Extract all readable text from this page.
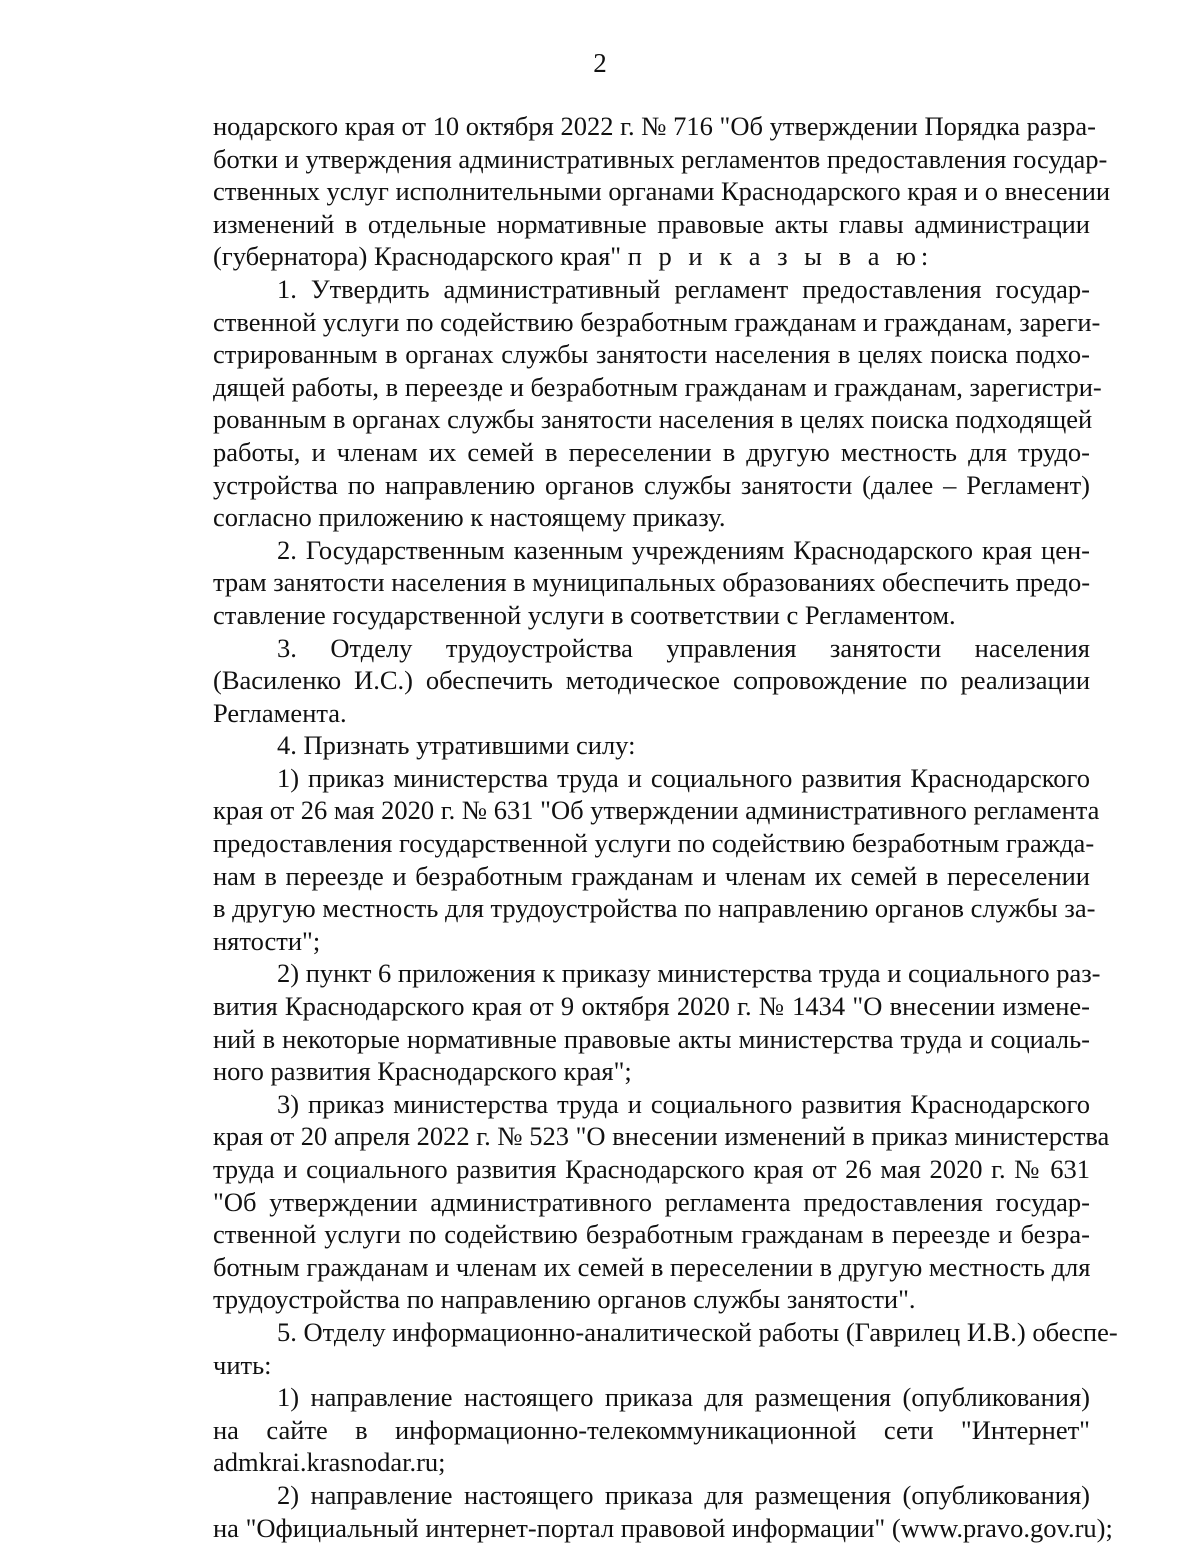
2
нодарского края от 10 октября 2022 г. № 716 "Об утверждении Порядка разра-
ботки и утверждения административных регламентов предоставления государ-
ственных услуг исполнительными органами Краснодарского края и о внесении
изменений в отдельные нормативные правовые акты главы администрации
(губернатора) Краснодарского края" п р и к а з ы в а ю:
1. Утвердить административный регламент предоставления государ-
ственной услуги по содействию безработным гражданам и гражданам, зареги-
стрированным в органах службы занятости населения в целях поиска подхо-
дящей работы, в переезде и безработным гражданам и гражданам, зарегистри-
рованным в органах службы занятости населения в целях поиска подходящей
работы, и членам их семей в переселении в другую местность для трудо-
устройства по направлению органов службы занятости (далее – Регламент)
согласно приложению к настоящему приказу.
2. Государственным казенным учреждениям Краснодарского края цен-
трам занятости населения в муниципальных образованиях обеспечить предо-
ставление государственной услуги в соответствии с Регламентом.
3. Отделу трудоустройства управления занятости населения
(Василенко И.С.) обеспечить методическое сопровождение по реализации
Регламента.
4. Признать утратившими силу:
1) приказ министерства труда и социального развития Краснодарского
края от 26 мая 2020 г. № 631 "Об утверждении административного регламента
предоставления государственной услуги по содействию безработным гражда-
нам в переезде и безработным гражданам и членам их семей в переселении
в другую местность для трудоустройства по направлению органов службы за-
нятости";
2) пункт 6 приложения к приказу министерства труда и социального раз-
вития Краснодарского края от 9 октября 2020 г. № 1434 "О внесении измене-
ний в некоторые нормативные правовые акты министерства труда и социаль-
ного развития Краснодарского края";
3) приказ министерства труда и социального развития Краснодарского
края от 20 апреля 2022 г. № 523 "О внесении изменений в приказ министерства
труда и социального развития Краснодарского края от 26 мая 2020 г. № 631
"Об утверждении административного регламента предоставления государ-
ственной услуги по содействию безработным гражданам в переезде и безра-
ботным гражданам и членам их семей в переселении в другую местность для
трудоустройства по направлению органов службы занятости".
5. Отделу информационно-аналитической работы (Гаврилец И.В.) обеспе-
чить:
1) направление настоящего приказа для размещения (опубликования)
на сайте в информационно-телекоммуникационной сети "Интернет"
admkrai.krasnodar.ru;
2) направление настоящего приказа для размещения (опубликования)
на "Официальный интернет-портал правовой информации" (www.pravo.gov.ru);
